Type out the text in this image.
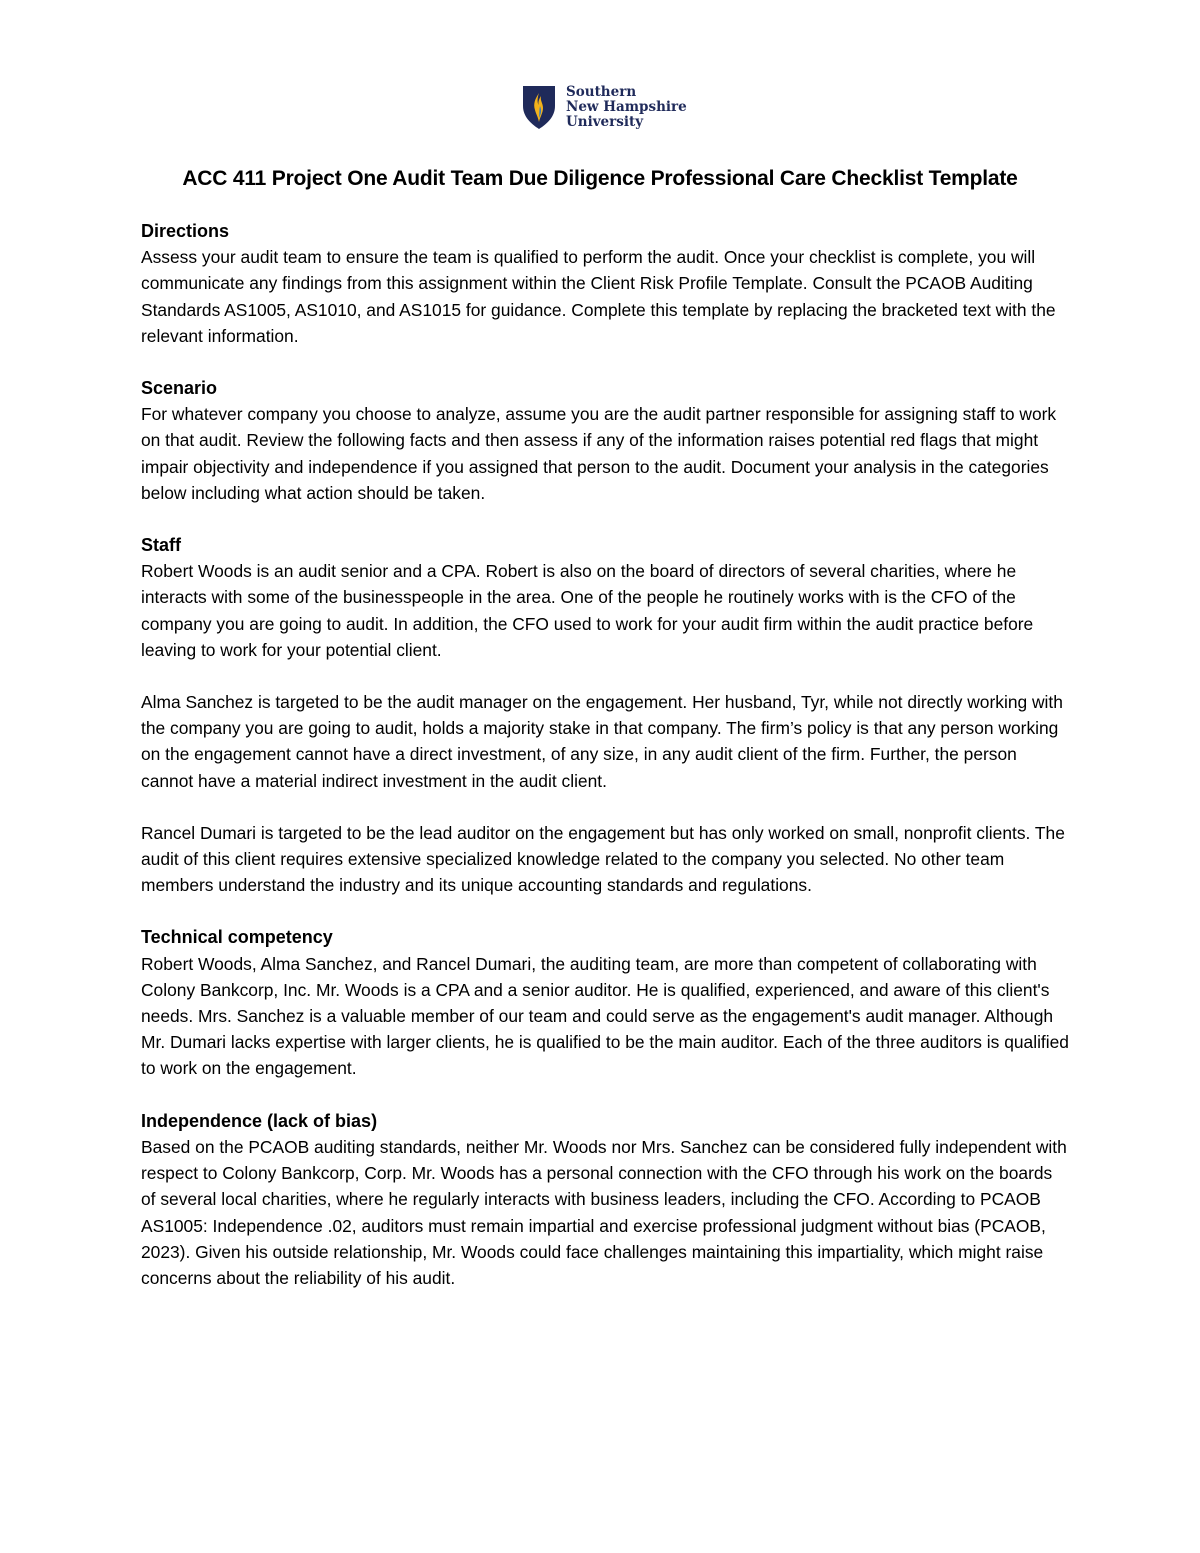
Southern
New Hampshire
University
ACC 411 Project One Audit Team Due Diligence Professional Care Checklist Template
Directions

Assess your audit team to ensure the team is qualified to perform the audit. Once your checklist is complete, you will communicate any findings from this assignment within the Client Risk Profile Template. Consult the PCAOB Auditing Standards AS1005, AS1010, and AS1015 for guidance. Complete this template by replacing the bracketed text with the relevant information.

Scenario

For whatever company you choose to analyze, assume you are the audit partner responsible for assigning staff to work on that audit. Review the following facts and then assess if any of the information raises potential red flags that might impair objectivity and independence if you assigned that person to the audit. Document your analysis in the categories below including what action should be taken.

Staff

Robert Woods is an audit senior and a CPA. Robert is also on the board of directors of several charities, where he interacts with some of the businesspeople in the area. One of the people he routinely works with is the CFO of the company you are going to audit. In addition, the CFO used to work for your audit firm within the audit practice before leaving to work for your potential client.

Alma Sanchez is targeted to be the audit manager on the engagement. Her husband, Tyr, while not directly working with the company you are going to audit, holds a majority stake in that company. The firm’s policy is that any person working on the engagement cannot have a direct investment, of any size, in any audit client of the firm. Further, the person cannot have a material indirect investment in the audit client.

Rancel Dumari is targeted to be the lead auditor on the engagement but has only worked on small, nonprofit clients. The audit of this client requires extensive specialized knowledge related to the company you selected. No other team members understand the industry and its unique accounting standards and regulations.

Technical competency

Robert Woods, Alma Sanchez, and Rancel Dumari, the auditing team, are more than competent of collaborating with Colony Bankcorp, Inc. Mr. Woods is a CPA and a senior auditor. He is qualified, experienced, and aware of this client's needs. Mrs. Sanchez is a valuable member of our team and could serve as the engagement's audit manager. Although Mr. Dumari lacks expertise with larger clients, he is qualified to be the main auditor. Each of the three auditors is qualified to work on the engagement.

Independence (lack of bias)

Based on the PCAOB auditing standards, neither Mr. Woods nor Mrs. Sanchez can be considered fully independent with respect to Colony Bankcorp, Corp. Mr. Woods has a personal connection with the CFO through his work on the boards of several local charities, where he regularly interacts with business leaders, including the CFO. According to PCAOB AS1005: Independence .02, auditors must remain impartial and exercise professional judgment without bias (PCAOB, 2023). Given his outside relationship, Mr. Woods could face challenges maintaining this impartiality, which might raise concerns about the reliability of his audit.
